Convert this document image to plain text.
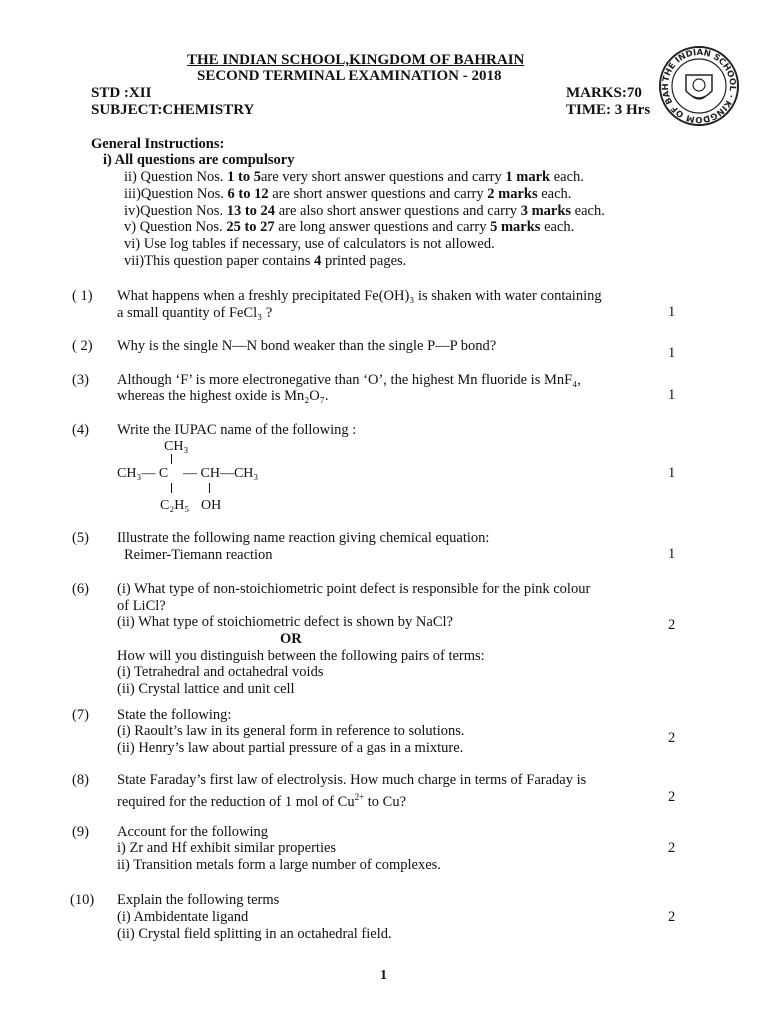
THE INDIAN SCHOOL,KINGDOM OF BAHRAIN
SECOND TERMINAL EXAMINATION - 2018
STD :XII
SUBJECT:CHEMISTRY
MARKS:70
TIME: 3 Hrs
THE INDIAN SCHOOL · KINGDOM OF BAH
General Instructions:
i) All questions are compulsory
ii) Question Nos. 1 to 5are very short answer questions and carry 1 mark each.
iii)Question Nos. 6 to 12 are short answer questions and carry 2 marks each.
iv)Question Nos. 13 to 24 are also short answer questions and carry 3 marks each.
v) Question Nos. 25 to 27 are long answer questions and carry 5 marks each.
vi) Use log tables if necessary, use of calculators is not allowed.
vii)This question paper contains 4 printed pages.
( 1)	What happens when a freshly precipitated Fe(OH)₃ is shaken with water containing
a small quantity of FeCl₃ ?	1
( 2)	Why is the single N—N bond weaker than the single P—P bond?	1
(3)	Although ‘F’ is more electronegative than ‘O’, the highest Mn fluoride is MnF₄,
whereas the highest oxide is Mn₂O₇.	1
(4)	Write the IUPAC name of the following :
CH₃
CH₃— C — CH—CH₃
C₂H₅ OH
1
(5)	Illustrate the following name reaction giving chemical equation:
Reimer-Tiemann reaction	1
(6)	(i) What type of non-stoichiometric point defect is responsible for the pink colour
of LiCl?
(ii) What type of stoichiometric defect is shown by NaCl?	2
OR
How will you distinguish between the following pairs of terms:
(i) Tetrahedral and octahedral voids
(ii) Crystal lattice and unit cell
(7)	State the following:
(i) Raoult’s law in its general form in reference to solutions.
(ii) Henry’s law about partial pressure of a gas in a mixture.
2
(8)	State Faraday’s first law of electrolysis. How much charge in terms of Faraday is
required for the reduction of 1 mol of $Cu^{2+}$ to Cu?	2
(9)	Account for the following
i) Zr and Hf exhibit similar properties
ii) Transition metals form a large number of complexes.
2
(10)	Explain the following terms
(i) Ambidentate ligand
(ii) Crystal field splitting in an octahedral field.
2
1
